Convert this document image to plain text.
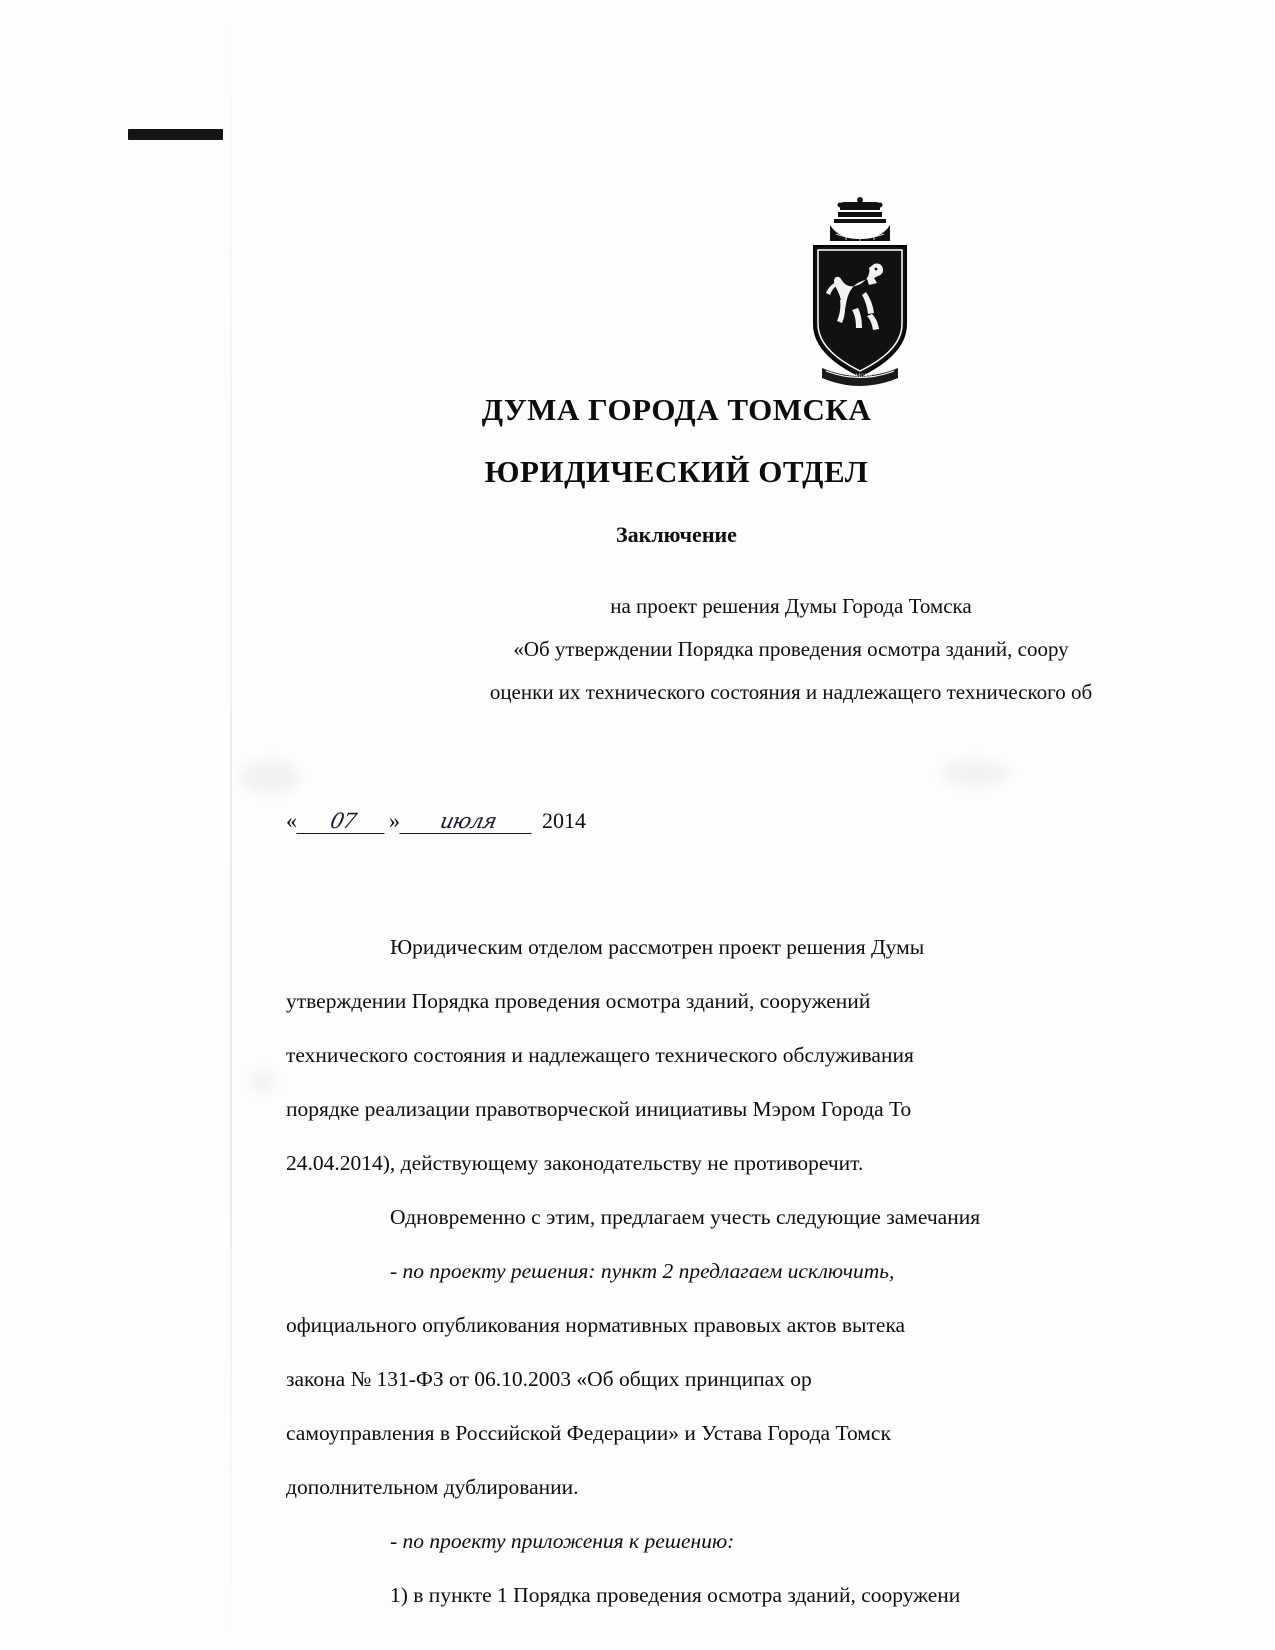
ТОМСКЪ
ДУМА ГОРОДА ТОМСКА
ЮРИДИЧЕСКИЙ ОТДЕЛ
Заключение
на проект решения Думы Города Томска
«Об утверждении Порядка проведения осмотра зданий, соору
оценки их технического состояния и надлежащего технического об
«	07	»	июля	2014

Юридическим отделом рассмотрен проект решения Думы

утверждении Порядка проведения осмотра зданий, сооружений

технического состояния и надлежащего технического обслуживания

порядке реализации правотворческой инициативы Мэром Города То

24.04.2014), действующему законодательству не противоречит.

Одновременно с этим, предлагаем учесть следующие замечания

- по проекту решения: пункт 2 предлагаем исключить,

официального опубликования нормативных правовых актов вытека

закона № 131-ФЗ от 06.10.2003 «Об общих принципах ор

самоуправления в Российской Федерации» и Устава Города Томск

дополнительном дублировании.

- по проекту приложения к решению:

1) в пункте 1 Порядка проведения осмотра зданий, сооружени
